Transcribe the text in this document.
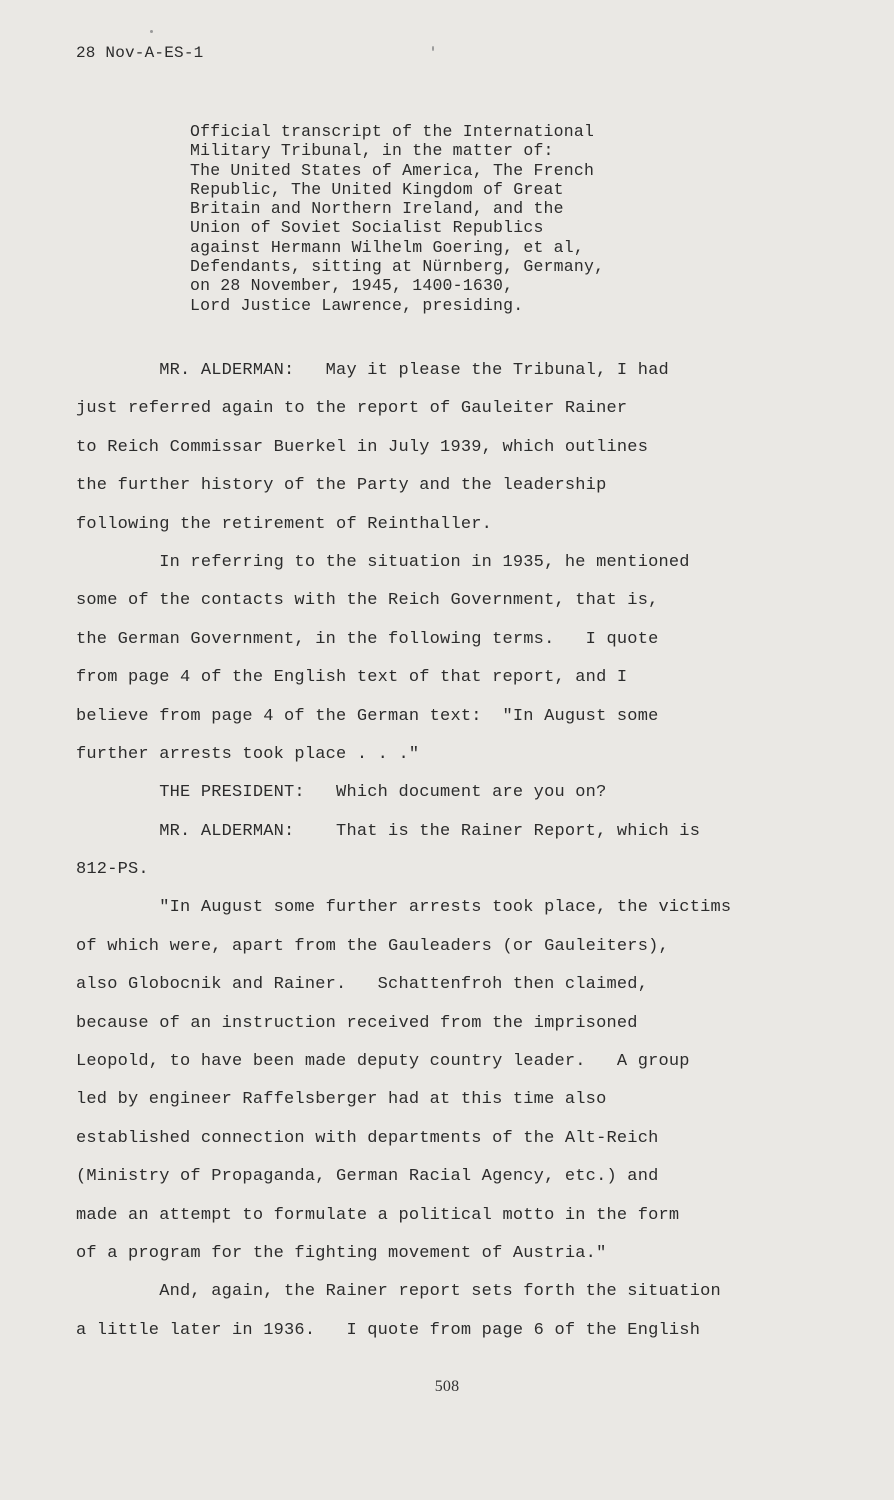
28 Nov-A-ES-1
Official transcript of the International
Military Tribunal, in the matter of:
The United States of America, The French
Republic, The United Kingdom of Great
Britain and Northern Ireland, and the
Union of Soviet Socialist Republics
against Hermann Wilhelm Goering, et al,
Defendants, sitting at Nürnberg, Germany,
on 28 November, 1945, 1400-1630,
Lord Justice Lawrence, presiding.
MR. ALDERMAN:   May it please the Tribunal, I had
just referred again to the report of Gauleiter Rainer
to Reich Commissar Buerkel in July 1939, which outlines
the further history of the Party and the leadership
following the retirement of Reinthaller.
In referring to the situation in 1935, he mentioned
some of the contacts with the Reich Government, that is,
the German Government, in the following terms.   I quote
from page 4 of the English text of that report, and I
believe from page 4 of the German text:  "In August some
further arrests took place . . ."
THE PRESIDENT:   Which document are you on?
MR. ALDERMAN:    That is the Rainer Report, which is
812-PS.
"In August some further arrests took place, the victims
of which were, apart from the Gauleaders (or Gauleiters),
also Globocnik and Rainer.   Schattenfroh then claimed,
because of an instruction received from the imprisoned
Leopold, to have been made deputy country leader.   A group
led by engineer Raffelsberger had at this time also
established connection with departments of the Alt-Reich
(Ministry of Propaganda, German Racial Agency, etc.) and
made an attempt to formulate a political motto in the form
of a program for the fighting movement of Austria."
And, again, the Rainer report sets forth the situation
a little later in 1936.   I quote from page 6 of the English
508
